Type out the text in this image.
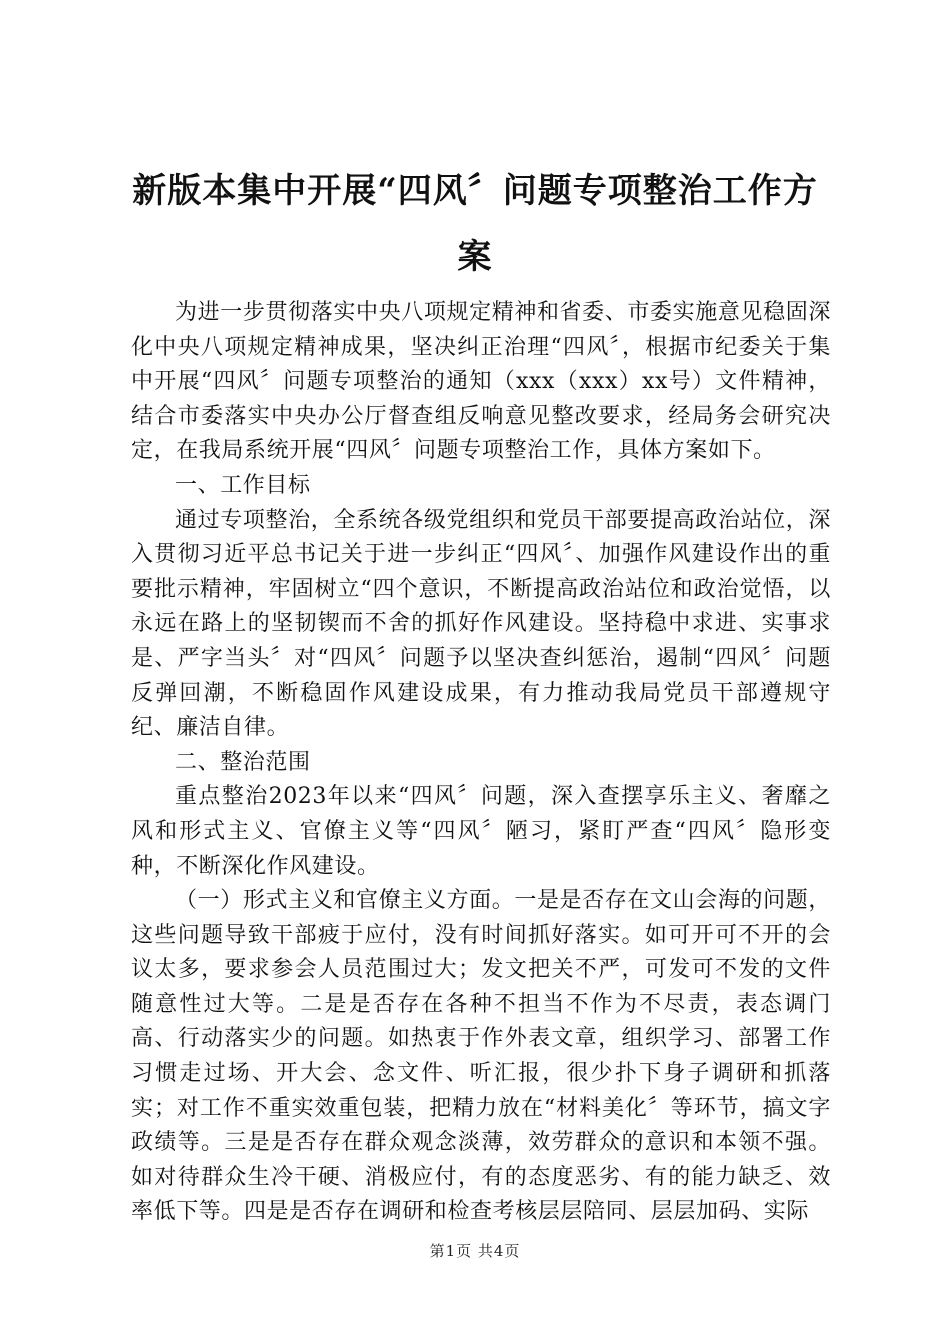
新版本集中开展“四风〞问题专项整治工作方案

为进一步贯彻落实中央八项规定精神和省委、市委实施意见稳固深化中央八项规定精神成果，坚决纠正治理“四风〞，根据市纪委关于集中开展“四风〞问题专项整治的通知（xxx（xxx）xx号）文件精神，结合市委落实中央办公厅督查组反响意见整改要求，经局务会研究决定，在我局系统开展“四风〞问题专项整治工作，具体方案如下。

一、工作目标

通过专项整治，全系统各级党组织和党员干部要提高政治站位，深入贯彻习近平总书记关于进一步纠正“四风〞、加强作风建设作出的重要批示精神，牢固树立“四个意识，不断提高政治站位和政治觉悟，以永远在路上的坚韧锲而不舍的抓好作风建设。坚持稳中求进、实事求是、严字当头〞对“四风〞问题予以坚决查纠惩治，遏制“四风〞问题反弹回潮，不断稳固作风建设成果，有力推动我局党员干部遵规守纪、廉洁自律。

二、整治范围

重点整治2023年以来“四风〞问题，深入查摆享乐主义、奢靡之风和形式主义、官僚主义等“四风〞陋习，紧盯严查“四风〞隐形变种，不断深化作风建设。

（一）形式主义和官僚主义方面。一是是否存在文山会海的问题，这些问题导致干部疲于应付，没有时间抓好落实。如可开可不开的会议太多，要求参会人员范围过大；发文把关不严，可发可不发的文件随意性过大等。二是是否存在各种不担当不作为不尽责，表态调门高、行动落实少的问题。如热衷于作外表文章，组织学习、部署工作习惯走过场、开大会、念文件、听汇报，很少扑下身子调研和抓落实；对工作不重实效重包装，把精力放在“材料美化〞等环节，搞文字政绩等。三是是否存在群众观念淡薄，效劳群众的意识和本领不强。如对待群众生冷干硬、消极应付，有的态度恶劣、有的能力缺乏、效率低下等。四是是否存在调研和检查考核层层陪同、层层加码、实际

第1页 共4页
